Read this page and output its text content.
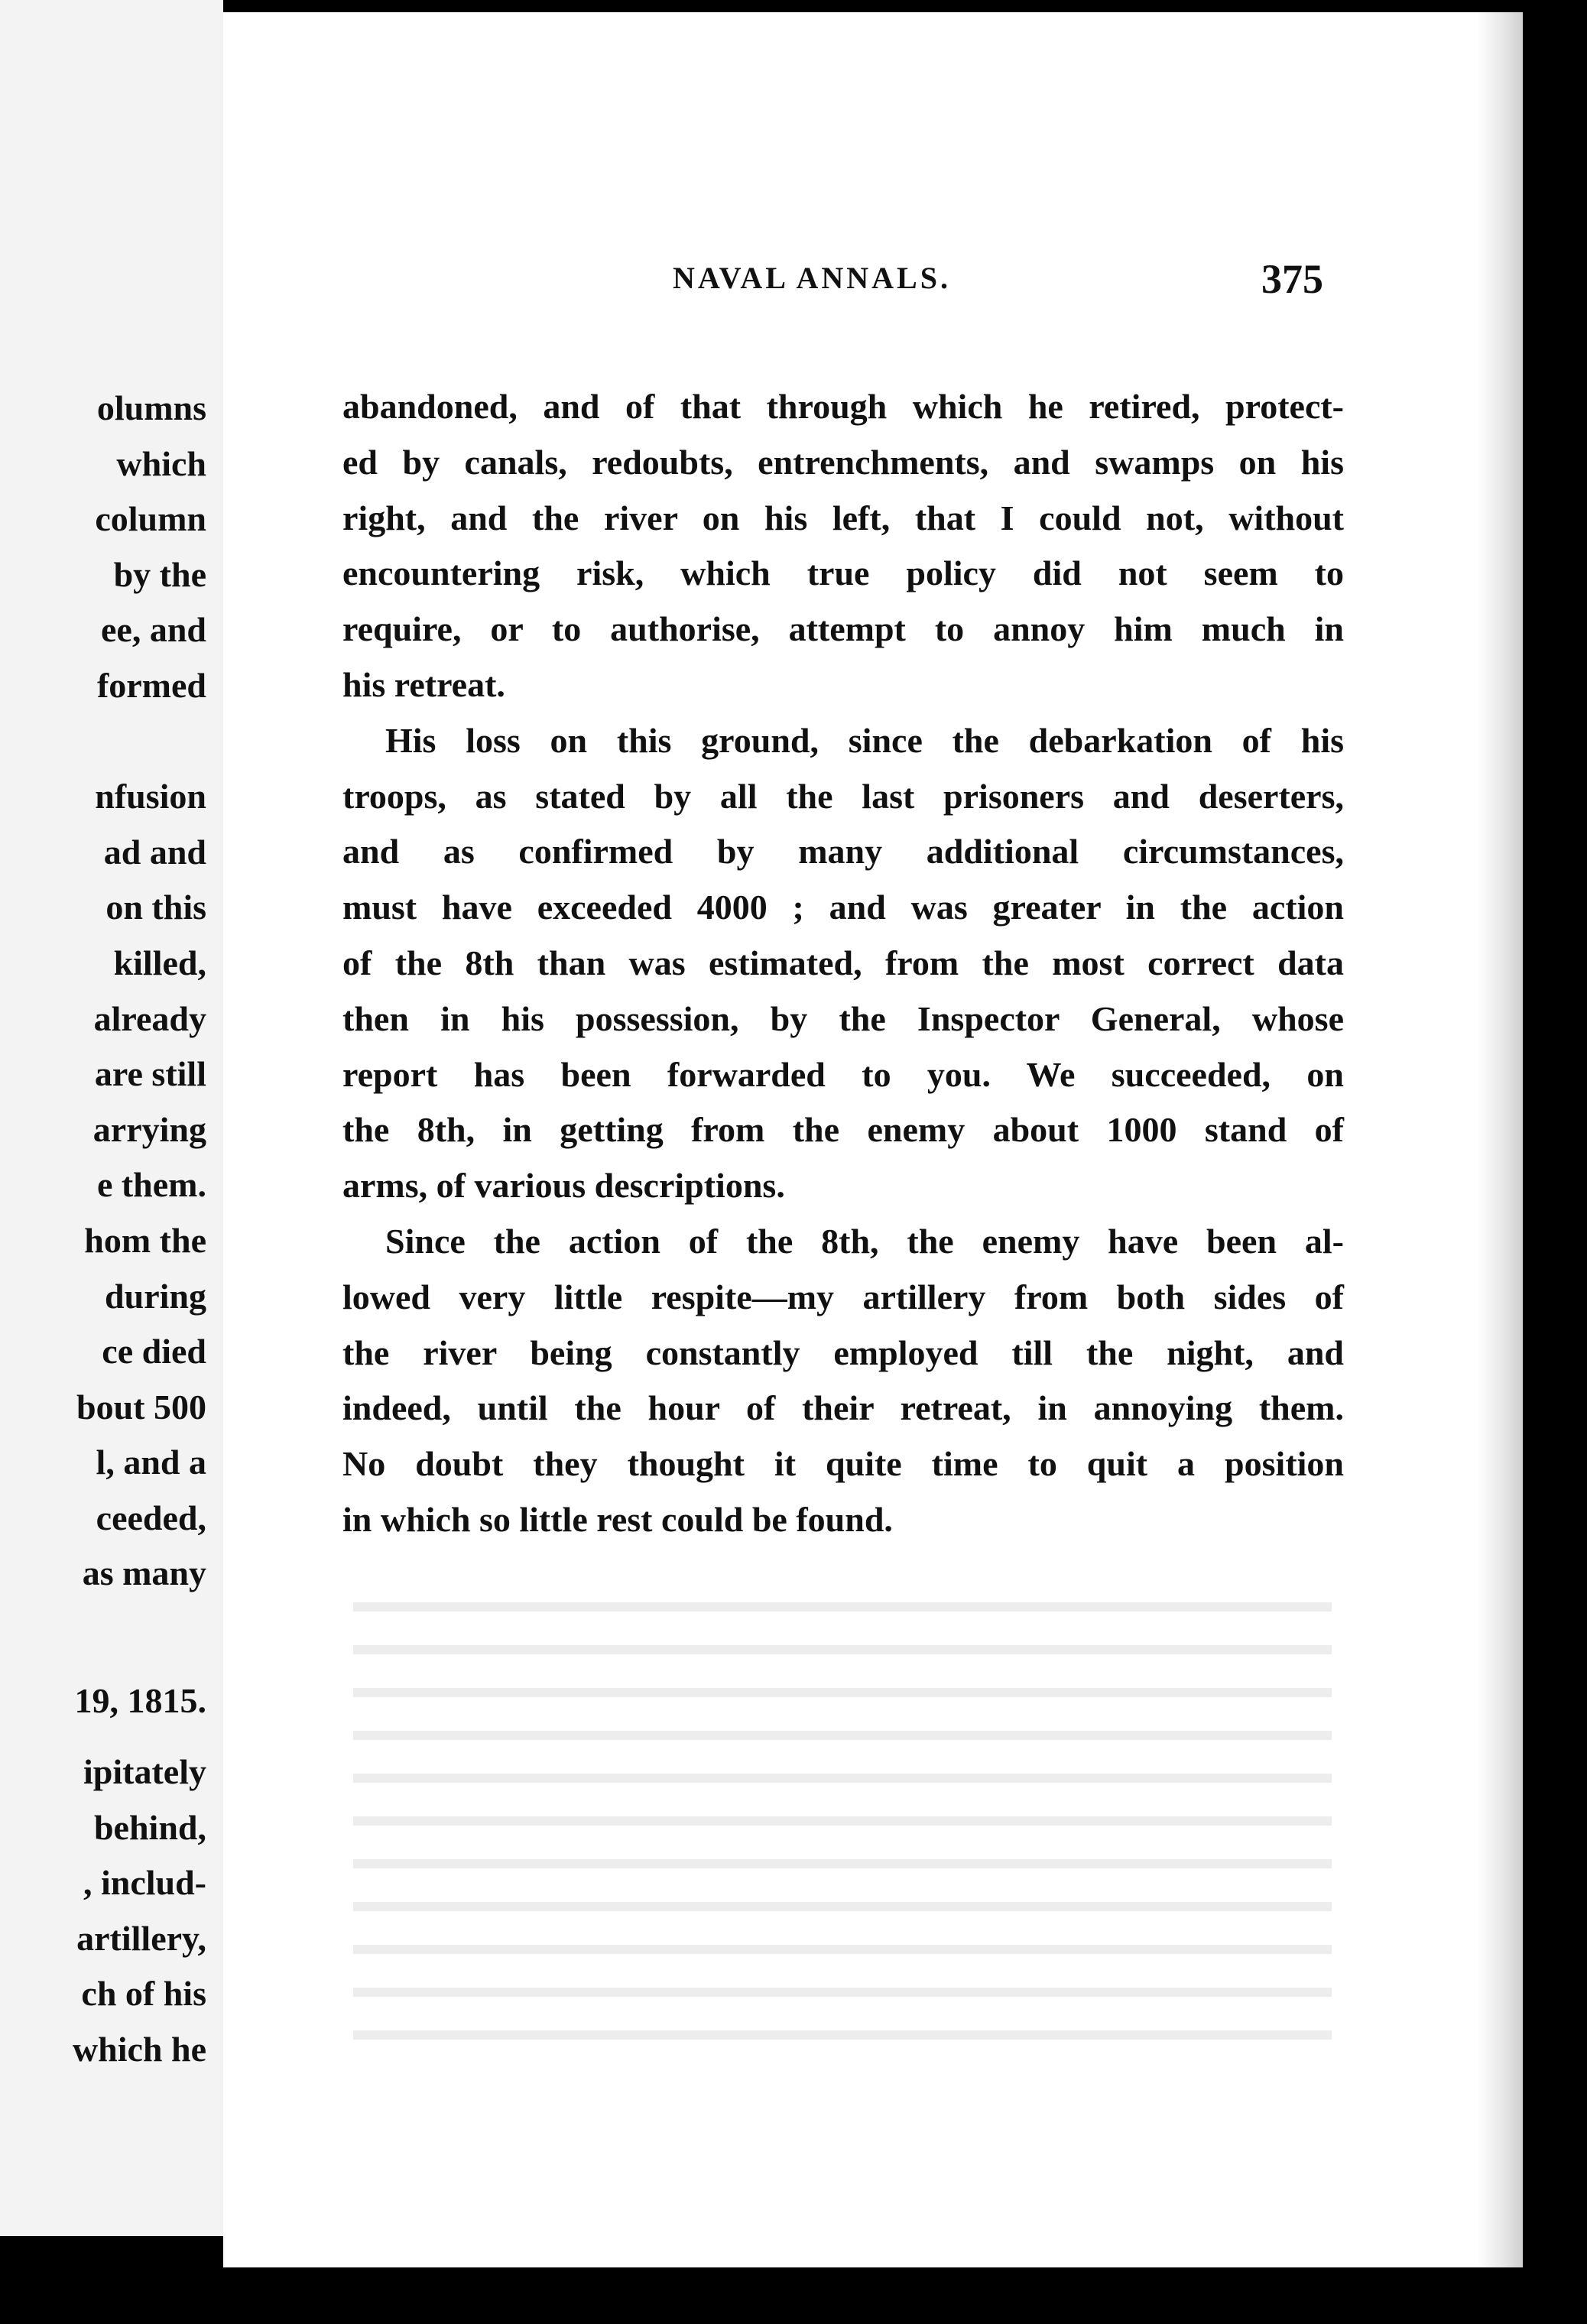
olumns
which
column
by the
ee, and
formed
nfusion
ad and
on this
killed,
already
are still
arrying
e them.
hom the
during
ce died
bout 500
l, and a
ceeded,
as many
19, 1815.
ipitately
behind,
, includ-
artillery,
ch of his
which he
NAVAL ANNALS.	375
abandoned, and of that through which he retired, protect-
ed by canals, redoubts, entrenchments, and swamps on his
right, and the river on his left, that I could not, without
encountering risk, which true policy did not seem to
require, or to authorise, attempt to annoy him much in
his retreat.
His loss on this ground, since the debarkation of his
troops, as stated by all the last prisoners and deserters,
and as confirmed by many additional circumstances,
must have exceeded 4000 ; and was greater in the action
of the 8th than was estimated, from the most correct data
then in his possession, by the Inspector General, whose
report has been forwarded to you. We succeeded, on
the 8th, in getting from the enemy about 1000 stand of
arms, of various descriptions.
Since the action of the 8th, the enemy have been al-
lowed very little respite—my artillery from both sides of
the river being constantly employed till the night, and
indeed, until the hour of their retreat, in annoying them.
No doubt they thought it quite time to quit a position
in which so little rest could be found.
